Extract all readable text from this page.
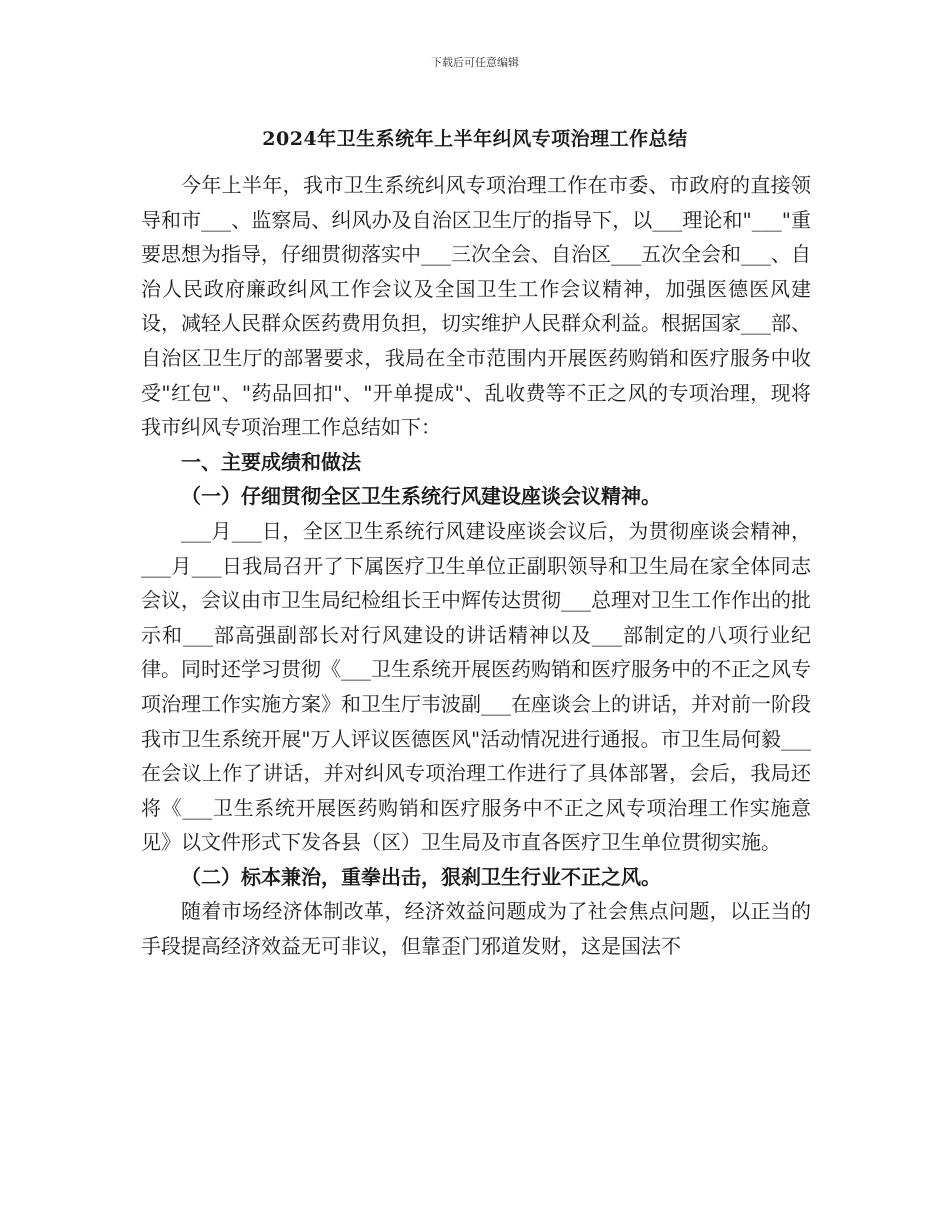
下载后可任意编辑
2024年卫生系统年上半年纠风专项治理工作总结

今年上半年，我市卫生系统纠风专项治理工作在市委、市政府的直接领导和市___、监察局、纠风办及自治区卫生厅的指导下，以___理论和"___"重要思想为指导，仔细贯彻落实中___三次全会、自治区___五次全会和___、自治人民政府廉政纠风工作会议及全国卫生工作会议精神，加强医德医风建设，减轻人民群众医药费用负担，切实维护人民群众利益。根据国家___部、自治区卫生厅的部署要求，我局在全市范围内开展医药购销和医疗服务中收受"红包"、"药品回扣"、"开单提成"、乱收费等不正之风的专项治理，现将我市纠风专项治理工作总结如下：

一、主要成绩和做法
（一）仔细贯彻全区卫生系统行风建设座谈会议精神。

___月___日，全区卫生系统行风建设座谈会议后，为贯彻座谈会精神，___月___日我局召开了下属医疗卫生单位正副职领导和卫生局在家全体同志会议，会议由市卫生局纪检组长王中辉传达贯彻___总理对卫生工作作出的批示和___部高强副部长对行风建设的讲话精神以及___部制定的八项行业纪律。同时还学习贯彻《___卫生系统开展医药购销和医疗服务中的不正之风专项治理工作实施方案》和卫生厅韦波副___在座谈会上的讲话，并对前一阶段我市卫生系统开展"万人评议医德医风"活动情况进行通报。市卫生局何毅___在会议上作了讲话，并对纠风专项治理工作进行了具体部署，会后，我局还将《___卫生系统开展医药购销和医疗服务中不正之风专项治理工作实施意见》以文件形式下发各县（区）卫生局及市直各医疗卫生单位贯彻实施。

（二）标本兼治，重拳出击，狠刹卫生行业不正之风。

随着市场经济体制改革，经济效益问题成为了社会焦点问题，以正当的手段提高经济效益无可非议，但靠歪门邪道发财，这是国法不
